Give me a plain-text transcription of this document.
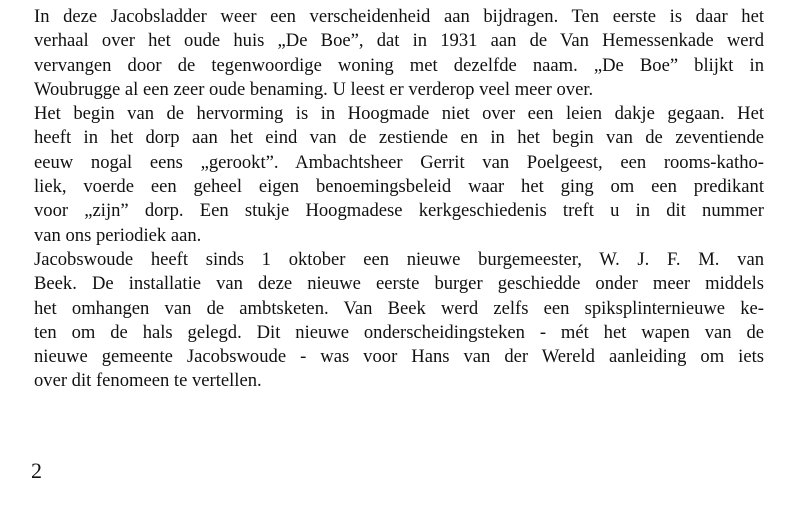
In deze Jacobsladder weer een verscheidenheid aan bijdragen. Ten eerste is daar het
verhaal over het oude huis „De Boe”, dat in 1931 aan de Van Hemessenkade werd
vervangen door de tegenwoordige woning met dezelfde naam. „De Boe” blijkt in
Woubrugge al een zeer oude benaming. U leest er verderop veel meer over.
Het begin van de hervorming is in Hoogmade niet over een leien dakje gegaan. Het
heeft in het dorp aan het eind van de zestiende en in het begin van de zeventiende
eeuw nogal eens „gerookt”. Ambachtsheer Gerrit van Poelgeest, een rooms-katho-
liek, voerde een geheel eigen benoemingsbeleid waar het ging om een predikant
voor „zijn” dorp. Een stukje Hoogmadese kerkgeschiedenis treft u in dit nummer
van ons periodiek aan.
Jacobswoude heeft sinds 1 oktober een nieuwe burgemeester, W. J. F. M. van
Beek. De installatie van deze nieuwe eerste burger geschiedde onder meer middels
het omhangen van de ambtsketen. Van Beek werd zelfs een spiksplinternieuwe ke-
ten om de hals gelegd. Dit nieuwe onderscheidingsteken - mét het wapen van de
nieuwe gemeente Jacobswoude - was voor Hans van der Wereld aanleiding om iets
over dit fenomeen te vertellen.
2
